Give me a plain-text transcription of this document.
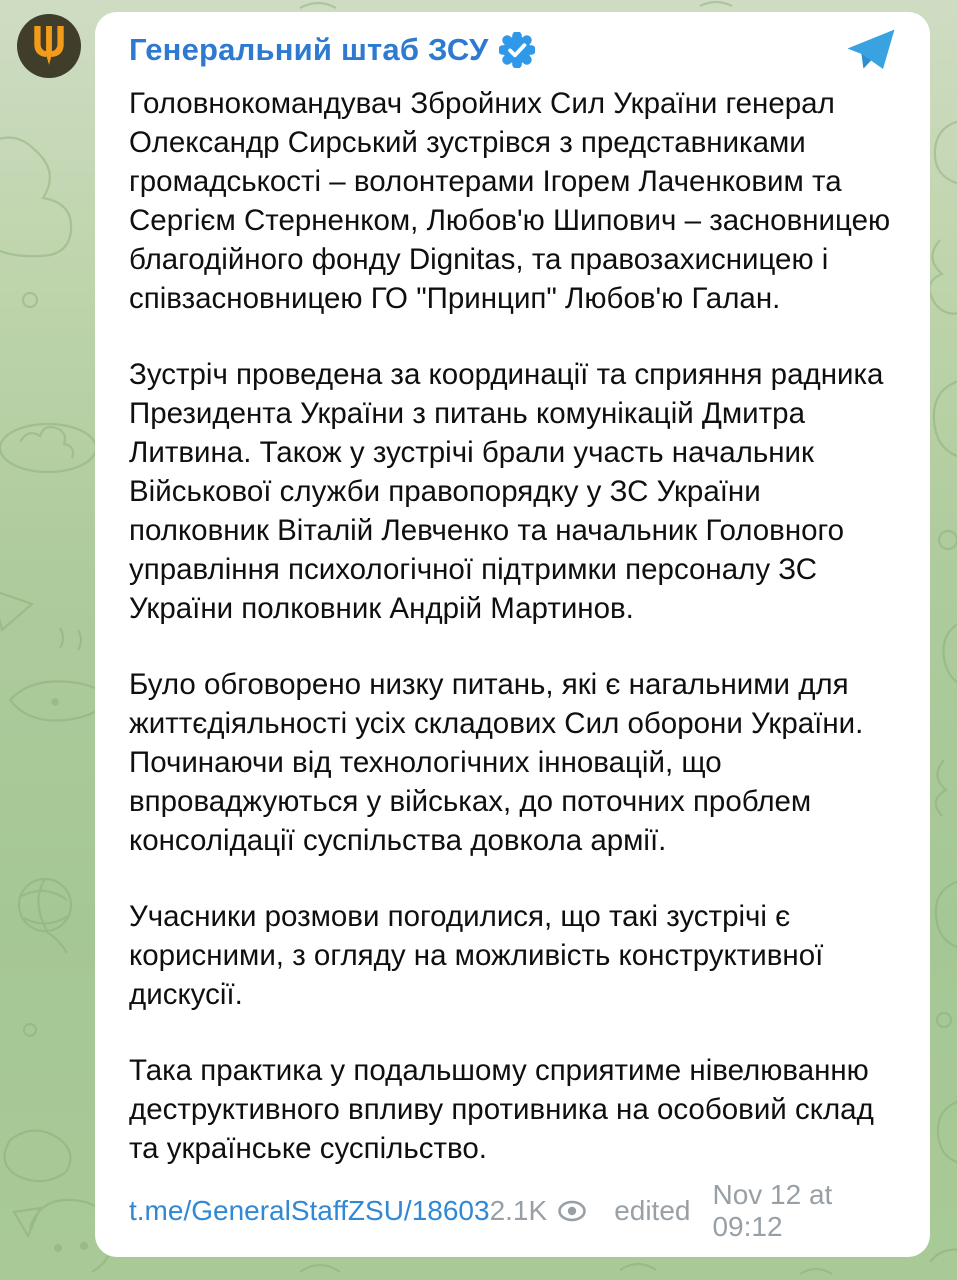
Генеральний штаб ЗСУ

Головнокомандувач Збройних Сил України генерал Олександр Сирський зустрівся з представниками громадськості – волонтерами Ігорем Лаченковим та Сергієм Стерненком, Любов'ю Шипович – засновницею благодійного фонду Dignitas, та правозахисницею і співзасновницею ГО "Принцип" Любов'ю Галан.

Зустріч проведена за координації та сприяння радника Президента України з питань комунікацій Дмитра Литвина. Також у зустрічі брали участь начальник Військової служби правопорядку у ЗС України полковник Віталій Левченко та начальник Головного управління психологічної підтримки персоналу ЗС України полковник Андрій Мартинов.

Було обговорено низку питань, які є нагальними для життєдіяльності усіх складових Сил оборони України. Починаючи від технологічних інновацій, що впроваджуються у військах, до поточних проблем консолідації суспільства довкола армії.

Учасники розмови погодилися, що такі зустрічі є корисними, з огляду на можливість конструктивної дискусії.

Така практика у подальшому сприятиме нівелюванню деструктивного впливу противника на особовий склад та українське суспільство.

t.me/GeneralStaffZSU/18603 2.1K edited
Nov 12 at 09:12
